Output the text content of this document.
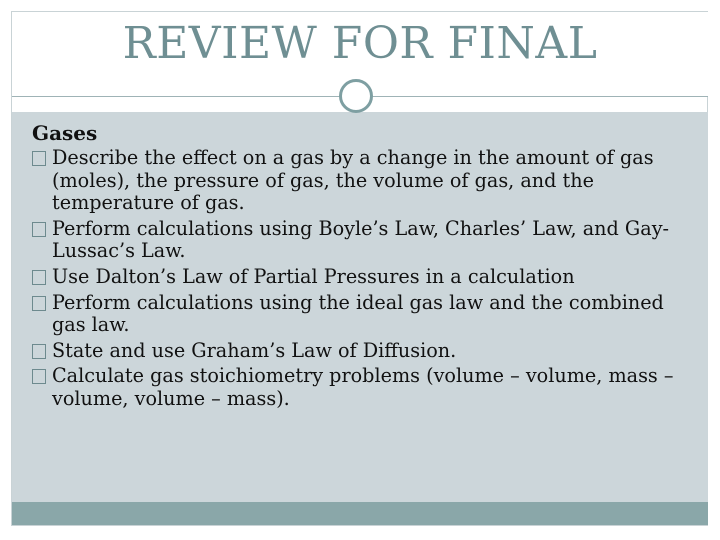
REVIEW FOR FINAL
Gases
Describe the effect on a gas by a change in the amount of gas (moles), the pressure of gas, the volume of gas, and the temperature of gas.
Perform calculations using Boyle’s Law, Charles’ Law, and Gay-Lussac’s Law.
Use Dalton’s Law of Partial Pressures in a calculation
Perform calculations using the ideal gas law and the combined gas law.
State and use Graham’s Law of Diffusion.
Calculate gas stoichiometry problems (volume – volume, mass – volume, volume – mass).
